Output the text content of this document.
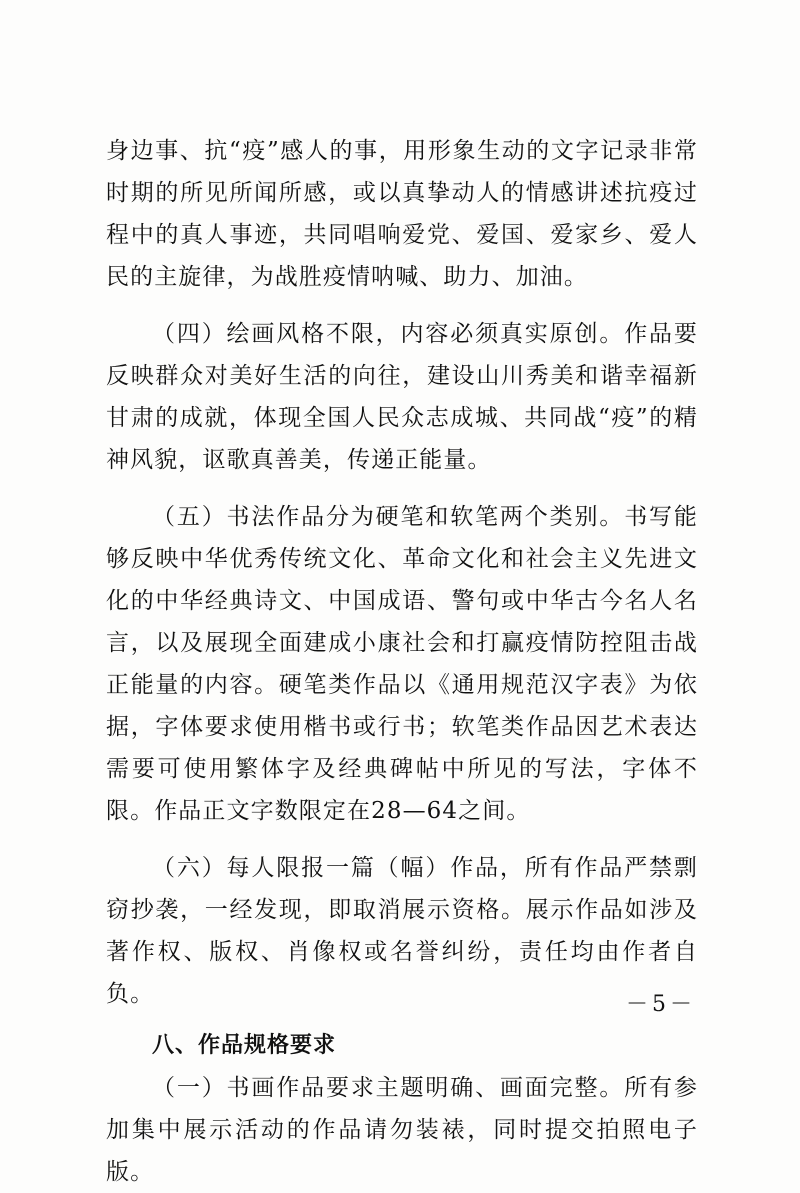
身边事、抗“疫”感人的事，用形象生动的文字记录非常时期的所见所闻所感，或以真挚动人的情感讲述抗疫过程中的真人事迹，共同唱响爱党、爱国、爱家乡、爱人民的主旋律，为战胜疫情呐喊、助力、加油。

（四）绘画风格不限，内容必须真实原创。作品要反映群众对美好生活的向往，建设山川秀美和谐幸福新甘肃的成就，体现全国人民众志成城、共同战“疫”的精神风貌，讴歌真善美，传递正能量。

（五）书法作品分为硬笔和软笔两个类别。书写能够反映中华优秀传统文化、革命文化和社会主义先进文化的中华经典诗文、中国成语、警句或中华古今名人名言，以及展现全面建成小康社会和打赢疫情防控阻击战正能量的内容。硬笔类作品以《通用规范汉字表》为依据，字体要求使用楷书或行书；软笔类作品因艺术表达需要可使用繁体字及经典碑帖中所见的写法，字体不限。作品正文字数限定在28—64之间。

（六）每人限报一篇（幅）作品，所有作品严禁剽窃抄袭，一经发现，即取消展示资格。展示作品如涉及著作权、版权、肖像权或名誉纠纷，责任均由作者自负。

八、作品规格要求

（一）书画作品要求主题明确、画面完整。所有参加集中展示活动的作品请勿装裱，同时提交拍照电子版。

－5－
